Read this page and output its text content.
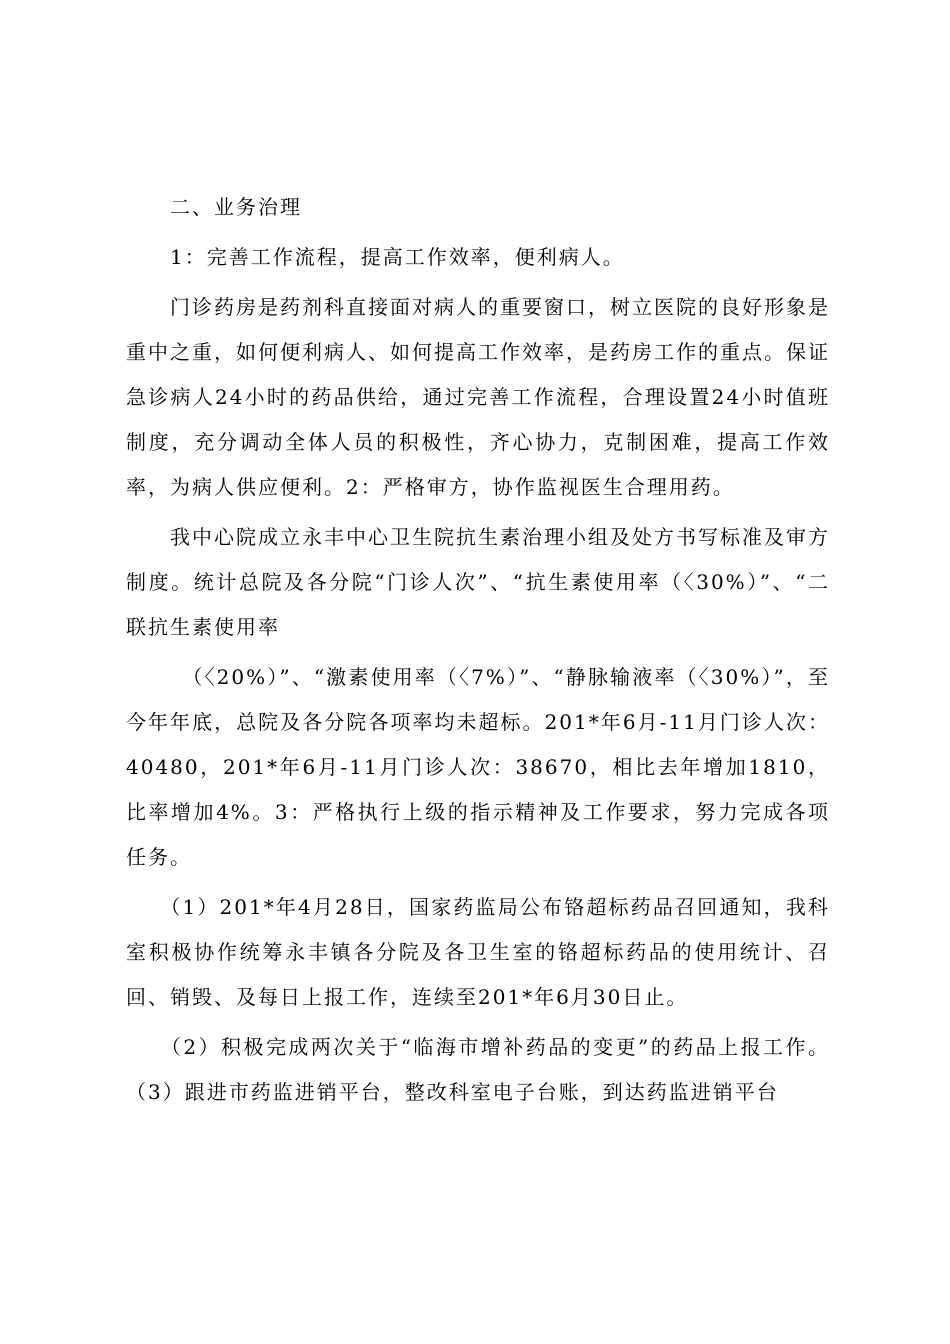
　　二、业务治理

　　1：完善工作流程，提高工作效率，便利病人。

　　门诊药房是药剂科直接面对病人的重要窗口，树立医院的良好形象是重中之重，如何便利病人、如何提高工作效率，是药房工作的重点。保证急诊病人24小时的药品供给，通过完善工作流程，合理设置24小时值班制度，充分调动全体人员的积极性，齐心协力，克制困难，提高工作效率，为病人供应便利。2：严格审方，协作监视医生合理用药。

　　我中心院成立永丰中心卫生院抗生素治理小组及处方书写标准及审方制度。统计总院及各分院“门诊人次”、“抗生素使用率（〈30%）”、“二联抗生素使用率

　　　（〈20%）”、“激素使用率（〈7%）”、“静脉输液率（〈30%）”，至今年年底，总院及各分院各项率均未超标。201*年6月-11月门诊人次：40480，201*年6月-11月门诊人次：38670，相比去年增加1810，比率增加4%。3：严格执行上级的指示精神及工作要求，努力完成各项任务。

　　（1）201*年4月28日，国家药监局公布铬超标药品召回通知，我科室积极协作统筹永丰镇各分院及各卫生室的铬超标药品的使用统计、召回、销毁、及每日上报工作，连续至201*年6月30日止。

　　（2）积极完成两次关于“临海市增补药品的变更”的药品上报工作。（3）跟进市药监进销平台，整改科室电子台账，到达药监进销平台
